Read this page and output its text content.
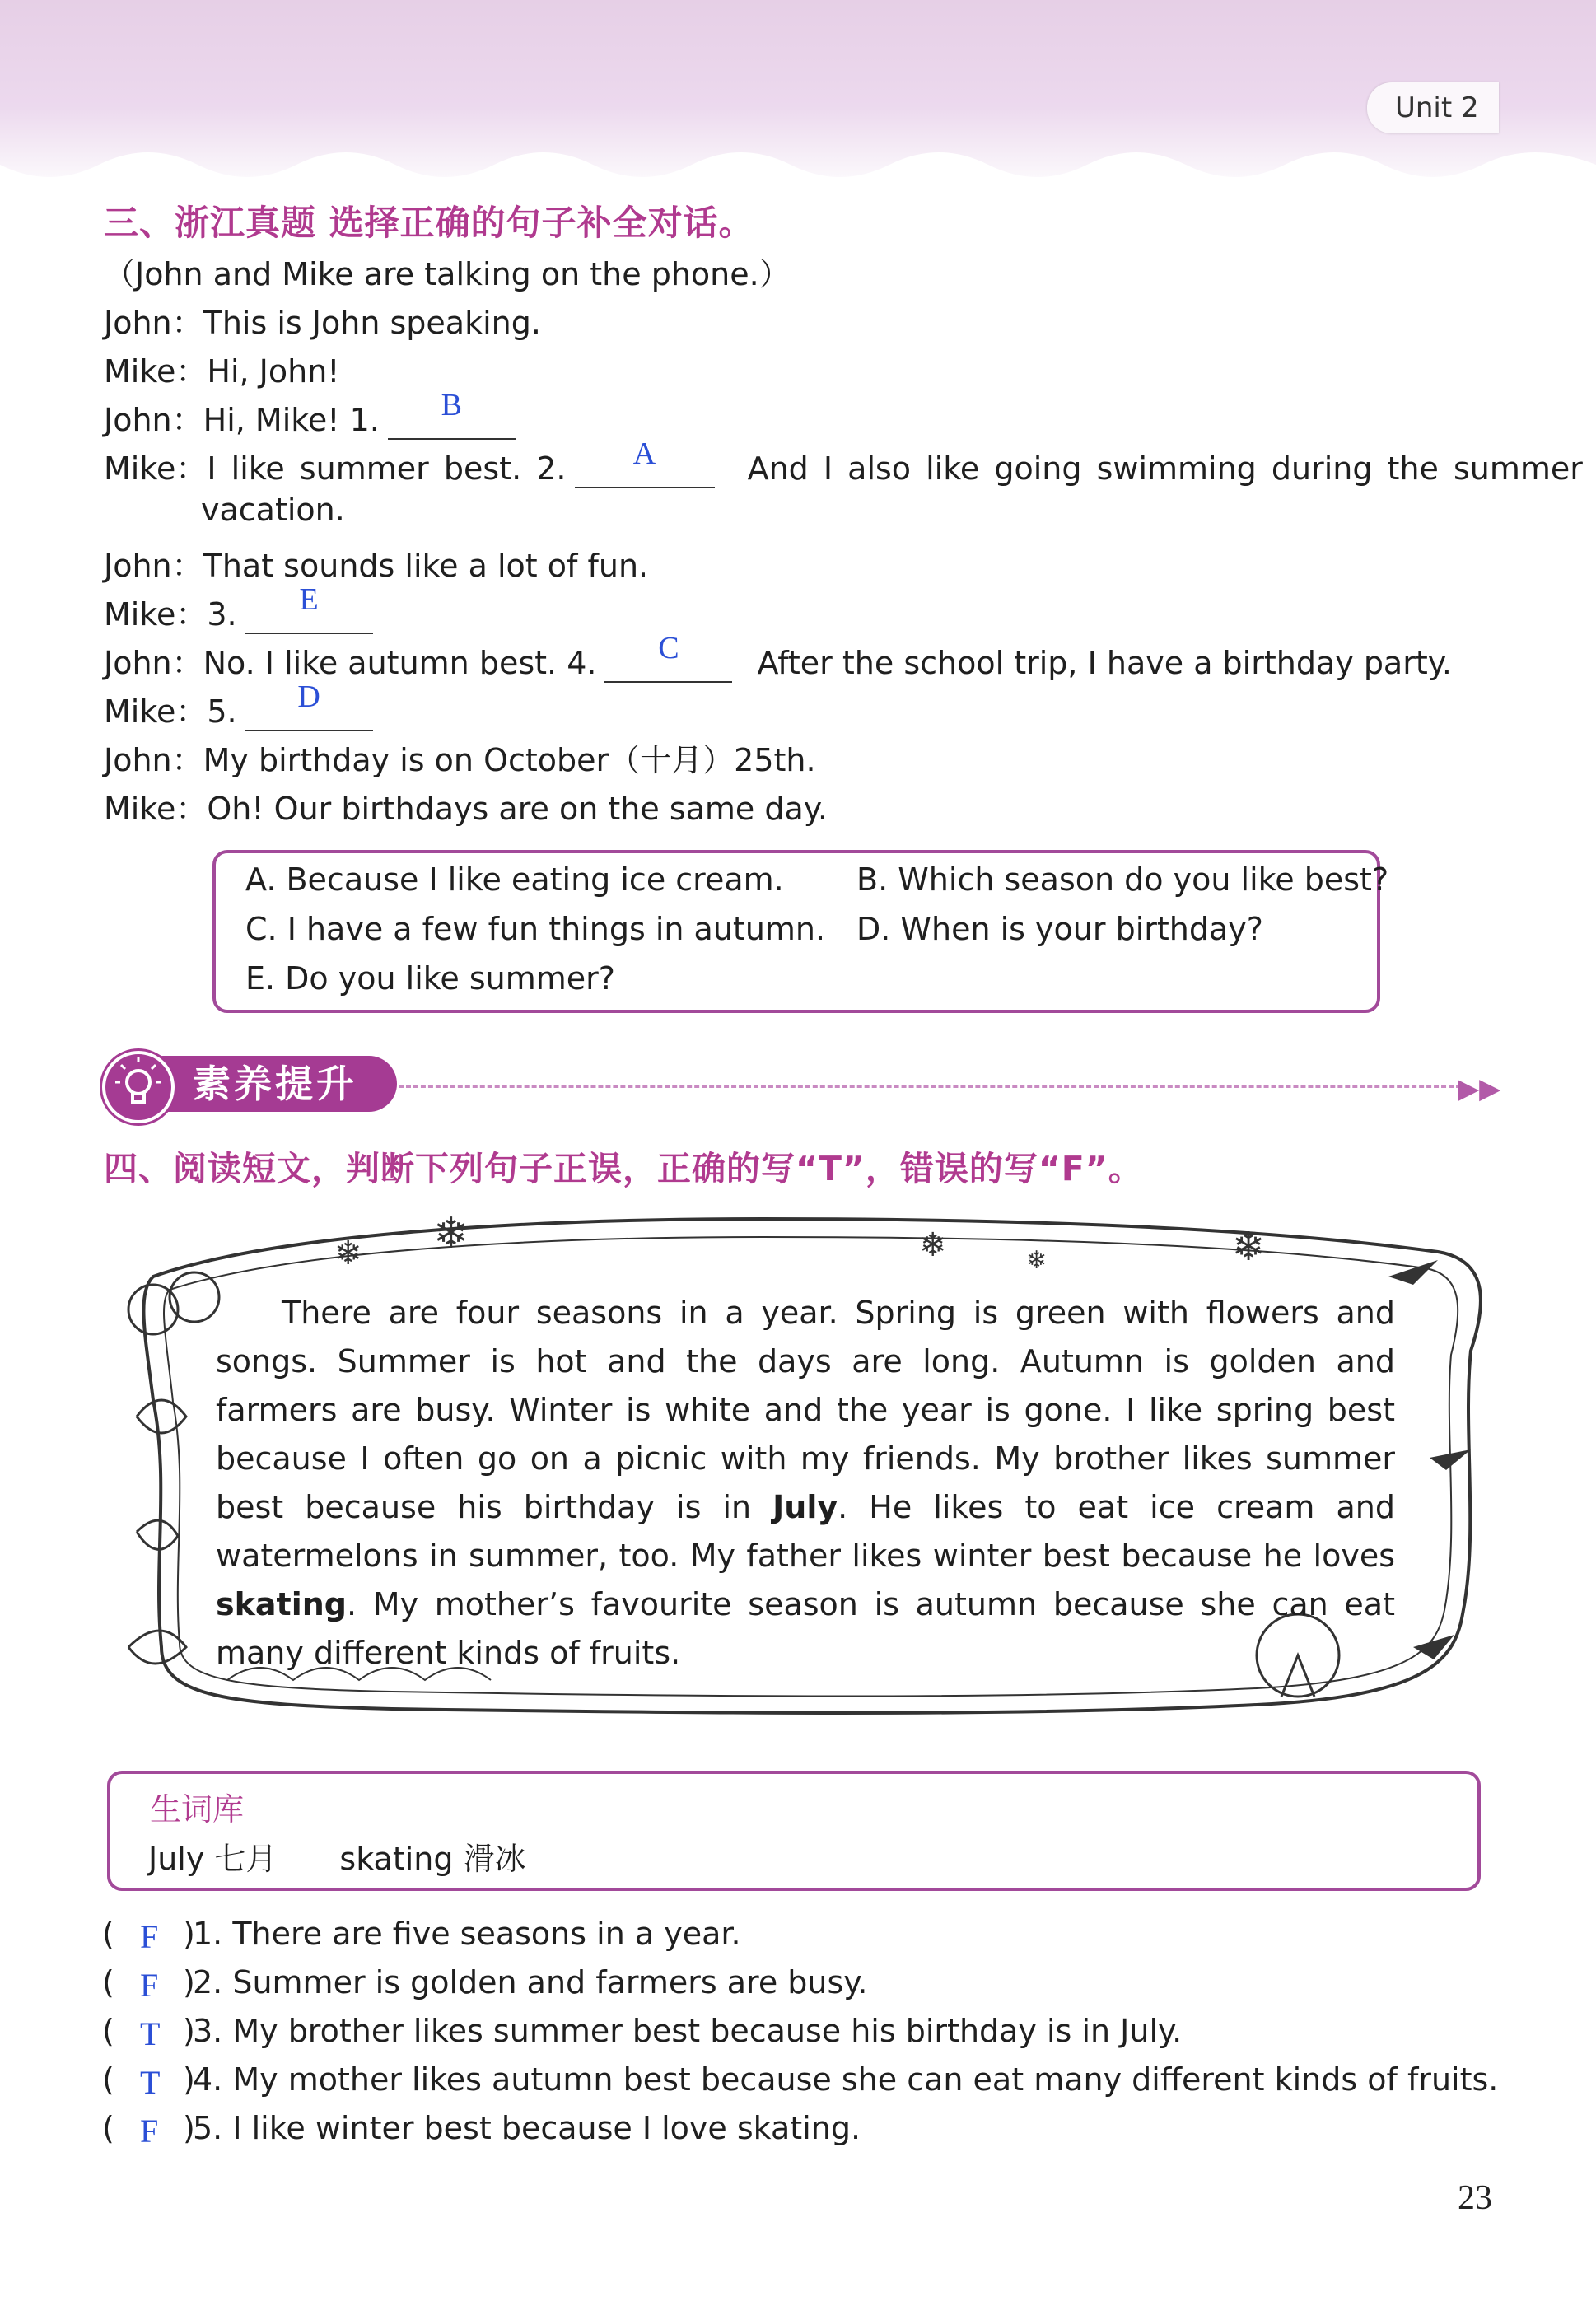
Unit 2
三、浙江真题 选择正确的句子补全对话。
（John and Mike are talking on the phone.）
John：This is John speaking.
Mike：Hi, John!
John：Hi, Mike! 1.	B
Mike：I like summer best. 2.	A	And I also like going swimming during the summer
vacation.
John：That sounds like a lot of fun.
Mike：3.	E
John：No. I like autumn best. 4.	C	After the school trip, I have a birthday party.
Mike：5.	D
John：My birthday is on October（十月）25th.
Mike：Oh! Our birthdays are on the same day.
A. Because I like eating ice cream. B. Which season do you like best?
C. I have a few fun things in autumn. D. When is your birthday?
E. Do you like summer?
素养提升	▶▶
四、阅读短文，判断下列句子正误，正确的写“T”，错误的写“F”。
❄ ❄	❄	❄	❄
There are four seasons in a year. Spring is green with flowers and songs. Summer is hot and the days are long. Autumn is golden and farmers are busy. Winter is white and the year is gone. I like spring best because I often go on a picnic with my friends. My brother likes summer best because his birthday is in July. He likes to eat ice cream and watermelons in summer, too. My father likes winter best because he loves skating. My mother’s favourite season is autumn because she can eat many different kinds of fruits.
生词库
July 七月　　skating 滑冰
( F )
1. There are five seasons in a year.
( F )
2. Summer is golden and farmers are busy.
( T )
3. My brother likes summer best because his birthday is in July.
( T )
4. My mother likes autumn best because she can eat many different kinds of fruits.
( F )
5. I like winter best because I love skating.
23
